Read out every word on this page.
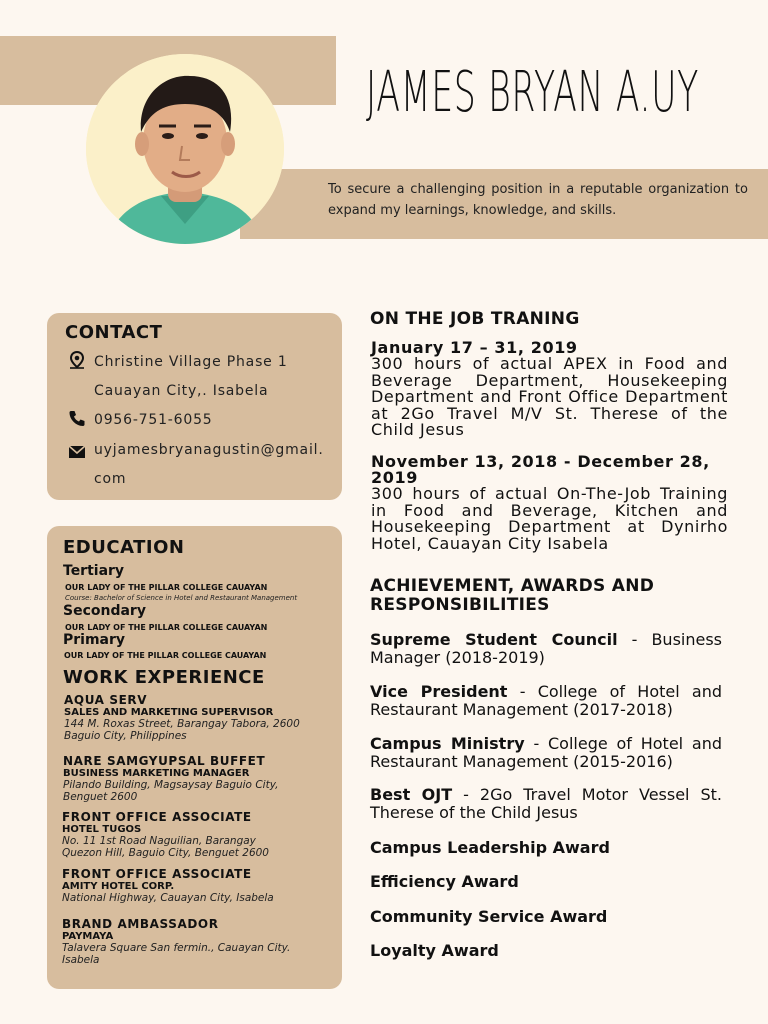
JAMES BRYAN A.UY
To secure a challenging position in a reputable organization to expand my learnings, knowledge, and skills.
CONTACT
Christine Village Phase 1
Cauayan City,. Isabela
0956-751-6055
uyjamesbryanagustin@gmail.
com
EDUCATION
Tertiary
OUR LADY OF THE PILLAR COLLEGE CAUAYAN
Course: Bachelor of Science in Hotel and Restaurant Management
Secondary
OUR LADY OF THE PILLAR COLLEGE CAUAYAN
Primary
OUR LADY OF THE PILLAR COLLEGE CAUAYAN
WORK EXPERIENCE
AQUA SERV
SALES AND MARKETING SUPERVISOR
144 M. Roxas Street, Barangay Tabora, 2600
Baguio City, Philippines
NARE SAMGYUPSAL BUFFET
BUSINESS MARKETING MANAGER
Pilando Building, Magsaysay Baguio City,
Benguet 2600
FRONT OFFICE ASSOCIATE
HOTEL TUGOS
No. 11 1st Road Naguilian, Barangay
Quezon Hill, Baguio City, Benguet 2600
FRONT OFFICE ASSOCIATE
AMITY HOTEL CORP.
National Highway, Cauayan City, Isabela
BRAND AMBASSADOR
PAYMAYA
Talavera Square San fermin., Cauayan City.
Isabela
ON THE JOB TRANING
January 17 – 31, 2019
300 hours of actual APEX in Food and Beverage Department, Housekeeping Department and Front Office Department at 2Go Travel M/V St. Therese of the Child Jesus
November 13, 2018 - December 28, 2019
300 hours of actual On-The-Job Training in Food and Beverage, Kitchen and Housekeeping Department at Dynirho Hotel, Cauayan City Isabela
ACHIEVEMENT, AWARDS AND
RESPONSIBILITIES
Supreme Student Council - Business Manager (2018-2019)
Vice President - College of Hotel and Restaurant Management (2017-2018)
Campus Ministry - College of Hotel and Restaurant Management (2015-2016)
Best OJT - 2Go Travel Motor Vessel St. Therese of the Child Jesus
Campus Leadership Award
Efficiency Award
Community Service Award
Loyalty Award
